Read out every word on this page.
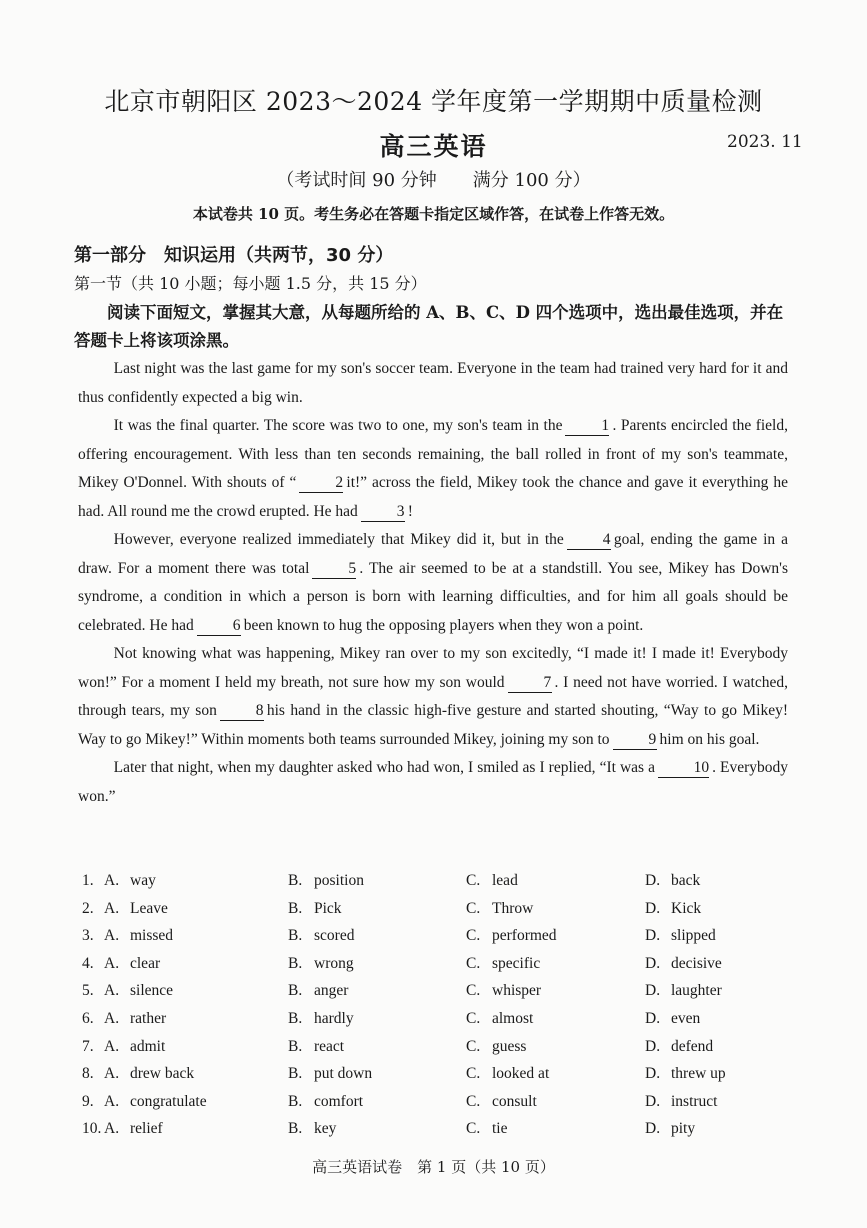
北京市朝阳区 2023～2024 学年度第一学期期中质量检测
高三英语	2023. 11
（考试时间 90 分钟　　满分 100 分）
本试卷共 10 页。考生务必在答题卡指定区域作答，在试卷上作答无效。
第一部分　知识运用（共两节，30 分）
第一节（共 10 小题；每小题 1.5 分，共 15 分）
阅读下面短文，掌握其大意，从每题所给的 A、B、C、D 四个选项中，选出最佳选项，并在答题卡上将该项涂黑。

Last night was the last game for my son's soccer team. Everyone in the team had trained very hard for it and thus confidently expected a big win.

It was the final quarter. The score was two to one, my son's team in the	1 . Parents encircled the field, offering encouragement. With less than ten seconds remaining, the ball rolled in front of my son's teammate, Mikey O'Donnel. With shouts of “	2 it!” across the field, Mikey took the chance and gave it everything he had. All round me the crowd erupted. He had	3 !

However, everyone realized immediately that Mikey did it, but in the	4 goal, ending the game in a draw. For a moment there was total	5 . The air seemed to be at a standstill. You see, Mikey has Down's syndrome, a condition in which a person is born with learning difficulties, and for him all goals should be celebrated. He had	6 been known to hug the opposing players when they won a point.

Not knowing what was happening, Mikey ran over to my son excitedly, “I made it! I made it! Everybody won!” For a moment I held my breath, not sure how my son would	7 . I need not have worried. I watched, through tears, my son	8 his hand in the classic high-five gesture and started shouting, “Way to go Mikey! Way to go Mikey!” Within moments both teams surrounded Mikey, joining my son to	9 him on his goal.

Later that night, when my daughter asked who had won, I smiled as I replied, “It was a 10 . Everybody won.”

1. A. way	B. position	C. lead	D. back
2. A. Leave	B. Pick	C. Throw	D. Kick
3. A. missed	B. scored	C. performed	D. slipped
4. A. clear	B. wrong	C. specific	D. decisive
5. A. silence	B. anger	C. whisper	D. laughter
6. A. rather	B. hardly	C. almost	D. even
7. A. admit	B. react	C. guess	D. defend
8. A. drew back	B. put down	C. looked at	D. threw up
9. A. congratulate	B. comfort	C. consult	D. instruct
10. A. relief	B. key	C. tie	D. pity
高三英语试卷　第 1 页（共 10 页）
